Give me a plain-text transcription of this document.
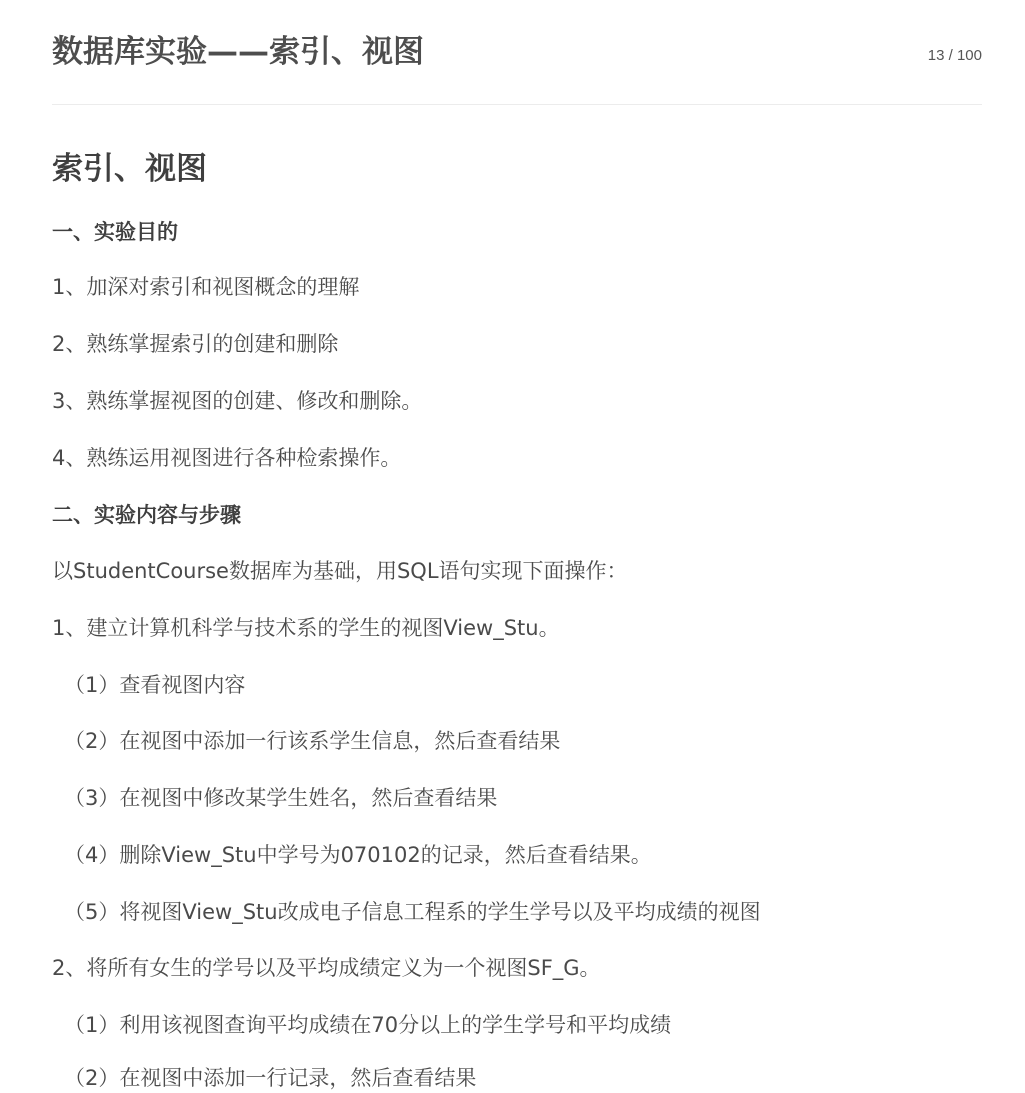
数据库实验——索引、视图	13 / 100
索引、视图
一、实验目的
1、加深对索引和视图概念的理解
2、熟练掌握索引的创建和删除
3、熟练掌握视图的创建、修改和删除。
4、熟练运用视图进行各种检索操作。
二、实验内容与步骤
以StudentCourse数据库为基础，用SQL语句实现下面操作：
1、建立计算机科学与技术系的学生的视图View_Stu。
（1）查看视图内容
（2）在视图中添加一行该系学生信息，然后查看结果
（3）在视图中修改某学生姓名，然后查看结果
（4）删除View_Stu中学号为070102的记录，然后查看结果。
（5）将视图View_Stu改成电子信息工程系的学生学号以及平均成绩的视图
2、将所有女生的学号以及平均成绩定义为一个视图SF_G。
（1）利用该视图查询平均成绩在70分以上的学生学号和平均成绩
（2）在视图中添加一行记录，然后查看结果
